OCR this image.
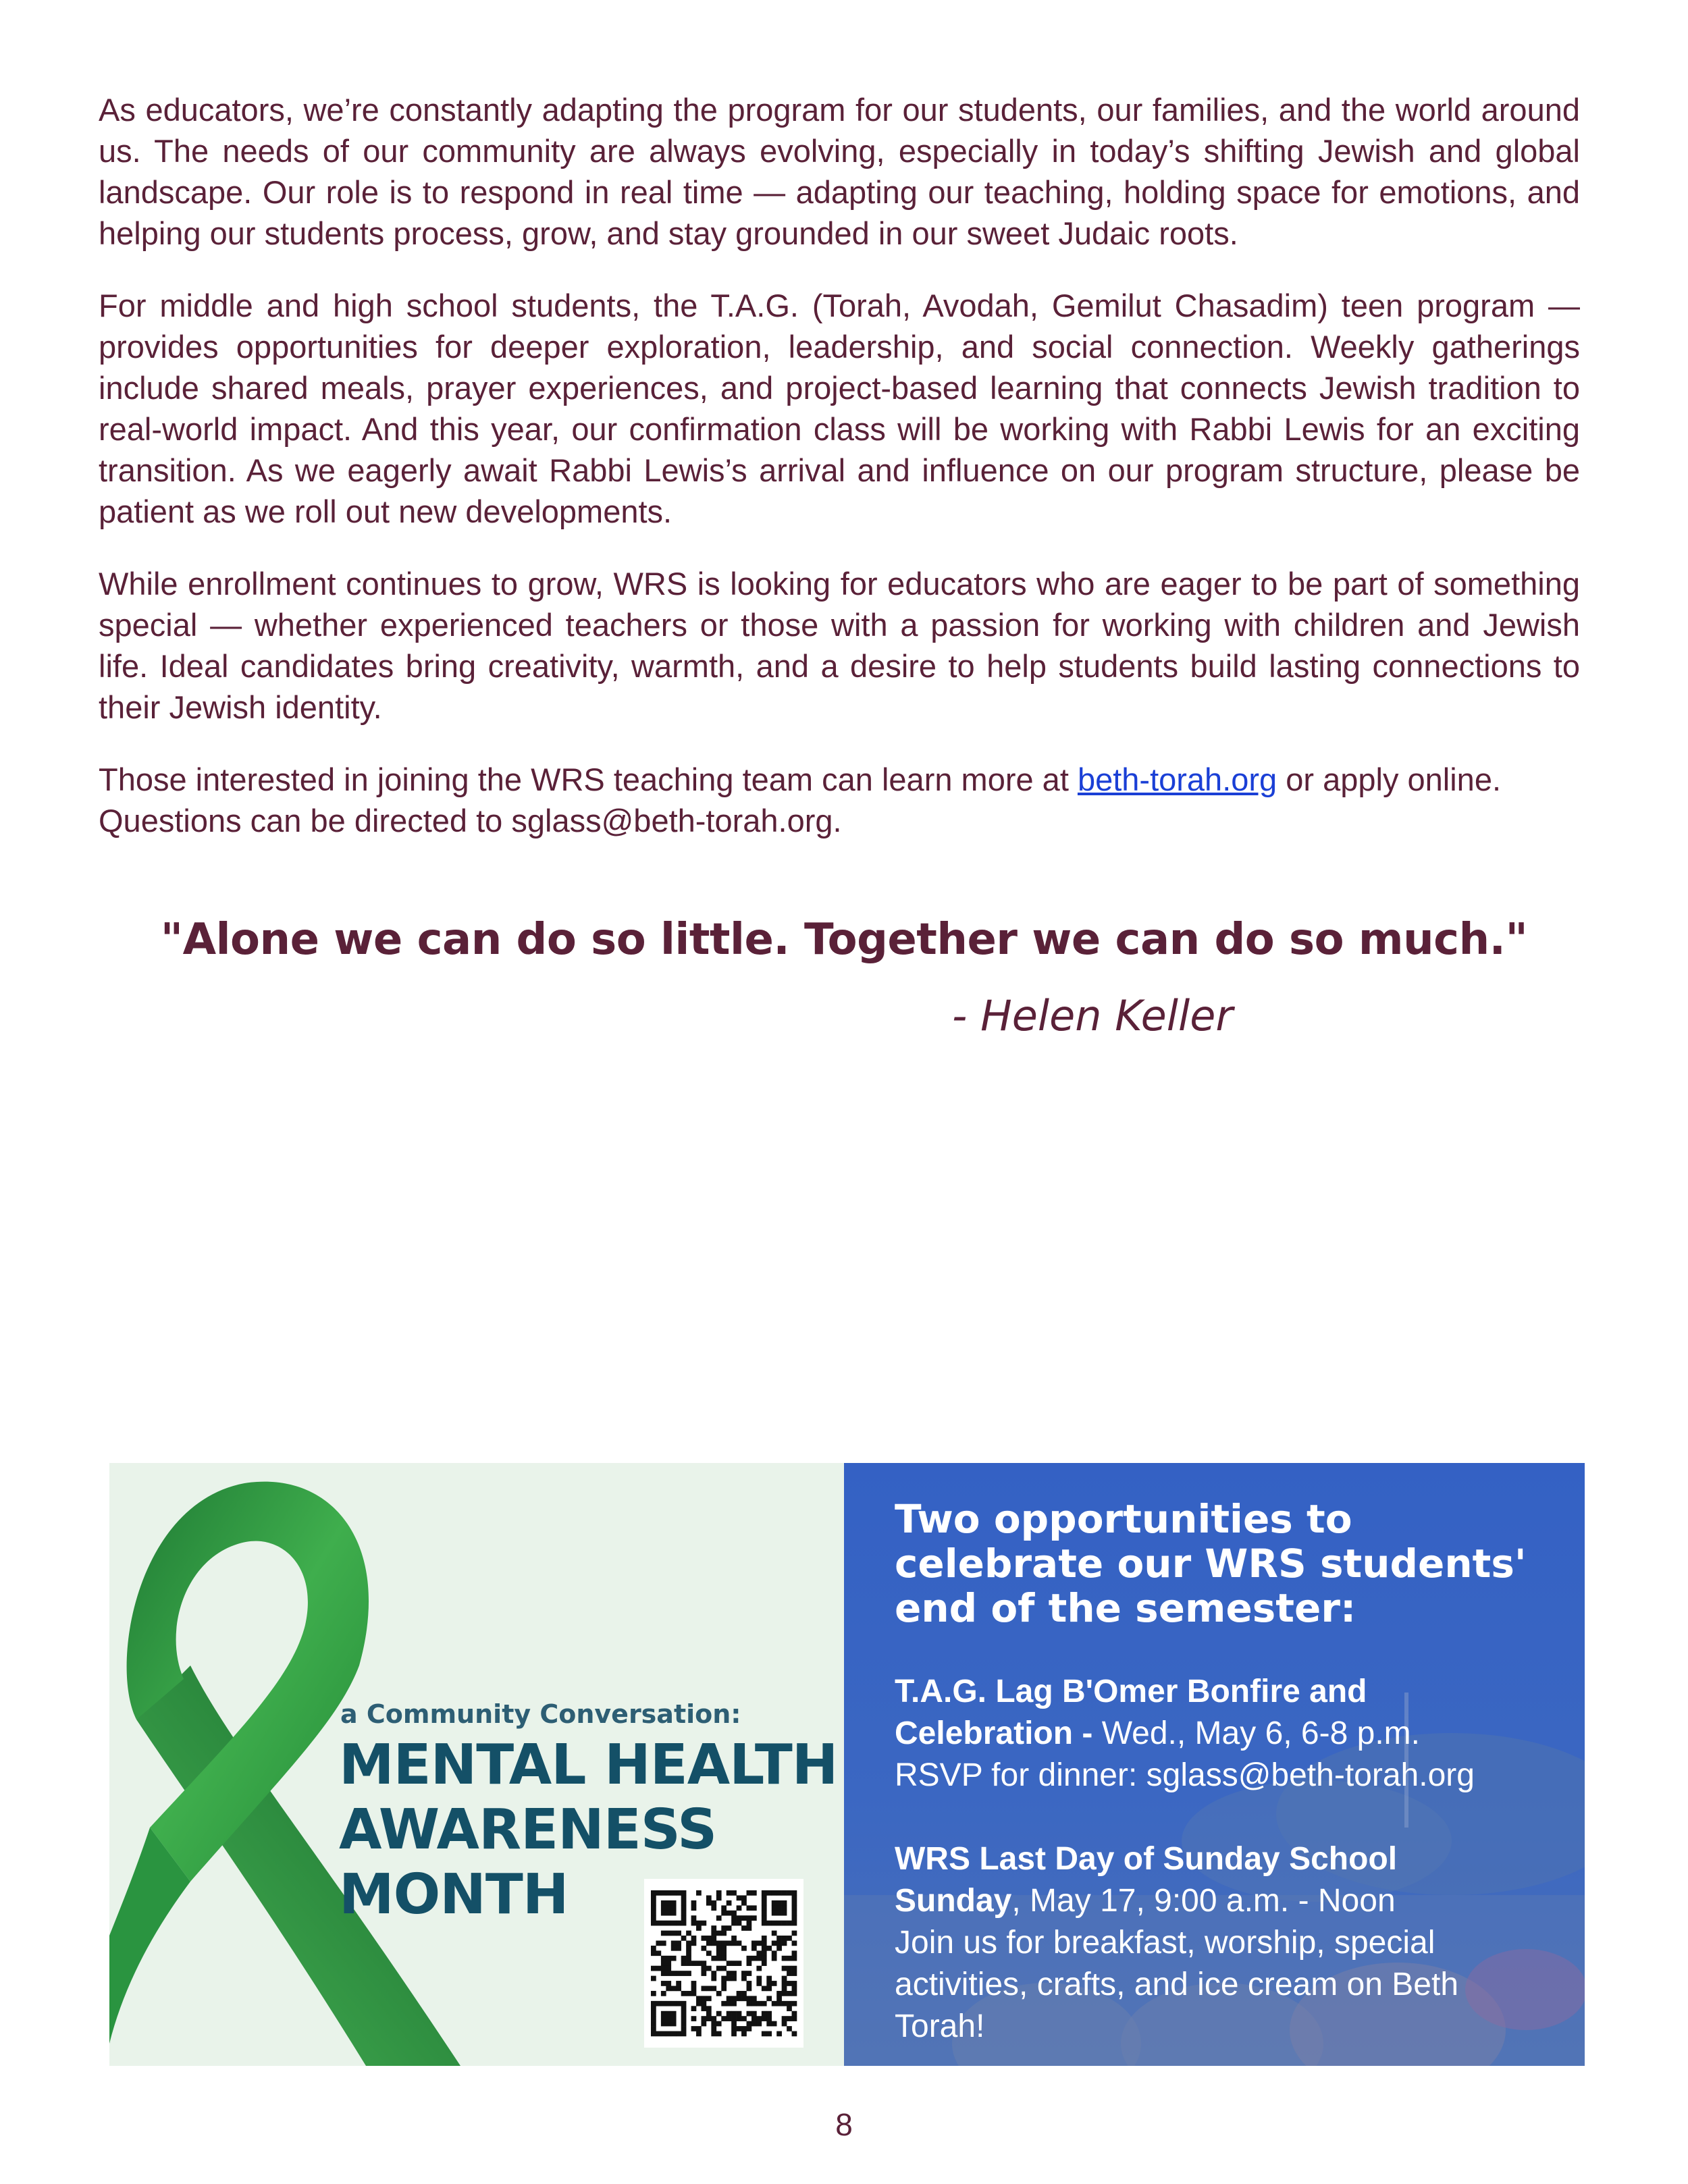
As educators, we’re constantly adapting the program for our students, our families, and the world around us. The needs of our community are always evolving, especially in today’s shifting Jewish and global landscape. Our role is to respond in real time — adapting our teaching, holding space for emotions, and helping our students process, grow, and stay grounded in our sweet Judaic roots.

For middle and high school students, the T.A.G. (Torah, Avodah, Gemilut Chasadim) teen program — provides opportunities for deeper exploration, leadership, and social connection. Weekly gatherings include shared meals, prayer experiences, and project-based learning that connects Jewish tradition to real-world impact. And this year, our confirmation class will be working with Rabbi Lewis for an exciting transition. As we eagerly await Rabbi Lewis’s arrival and influence on our program structure, please be patient as we roll out new developments.

While enrollment continues to grow, WRS is looking for educators who are eager to be part of something special — whether experienced teachers or those with a passion for working with children and Jewish life. Ideal candidates bring creativity, warmth, and a desire to help students build lasting connections to their Jewish identity.

Those interested in joining the WRS teaching team can learn more at beth-torah.org or apply online.
Questions can be directed to sglass@beth-torah.org.

"Alone we can do so little. Together we can do so much."
- Helen Keller
a Community Conversation:
MENTAL HEALTH
AWARENESS
MONTH
Two opportunities to
celebrate our WRS students'
end of the semester:
T.A.G. Lag B'Omer Bonfire and
Celebration - Wed., May 6, 6-8 p.m.
RSVP for dinner: sglass@beth-torah.org
WRS Last Day of Sunday School
Sunday, May 17, 9:00 a.m. - Noon
Join us for breakfast, worship, special activities, crafts, and ice cream on Beth Torah!
8
